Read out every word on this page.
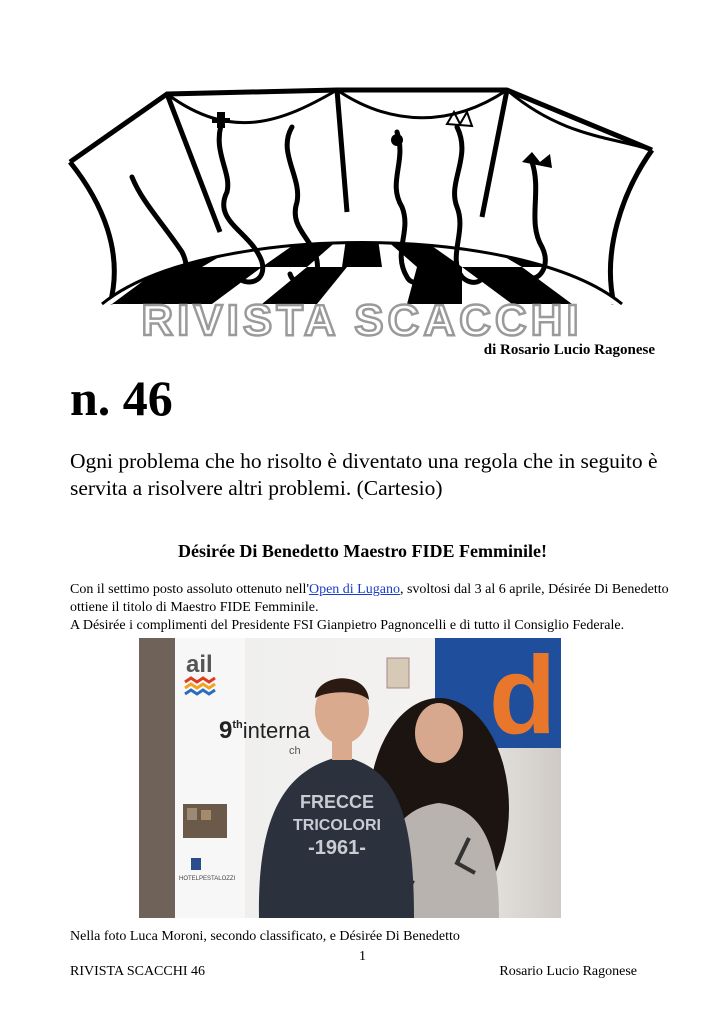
RIVISTA SCACCHI
di Rosario Lucio Ragonese
n. 46
Ogni problema che ho risolto è diventato una regola che in seguito è servita a risolvere altri problemi. (Cartesio)
Désirée Di Benedetto Maestro FIDE Femminile!
Con il settimo posto assoluto ottenuto nell'Open di Lugano, svoltosi dal 3 al 6 aprile, Désirée Di Benedetto ottiene il titolo di Maestro FIDE Femminile.
A Désirée i complimenti del Presidente FSI Gianpietro Pagnoncelli e di tutto il Consiglio Federale.
ail
9thinterna
ch
HOTELPESTALOZZI
d
FRECCE
TRICOLORI
-1961-
Nella foto Luca Moroni, secondo classificato, e Désirée Di Benedetto
1
RIVISTA SCACCHI 46	Rosario Lucio Ragonese
